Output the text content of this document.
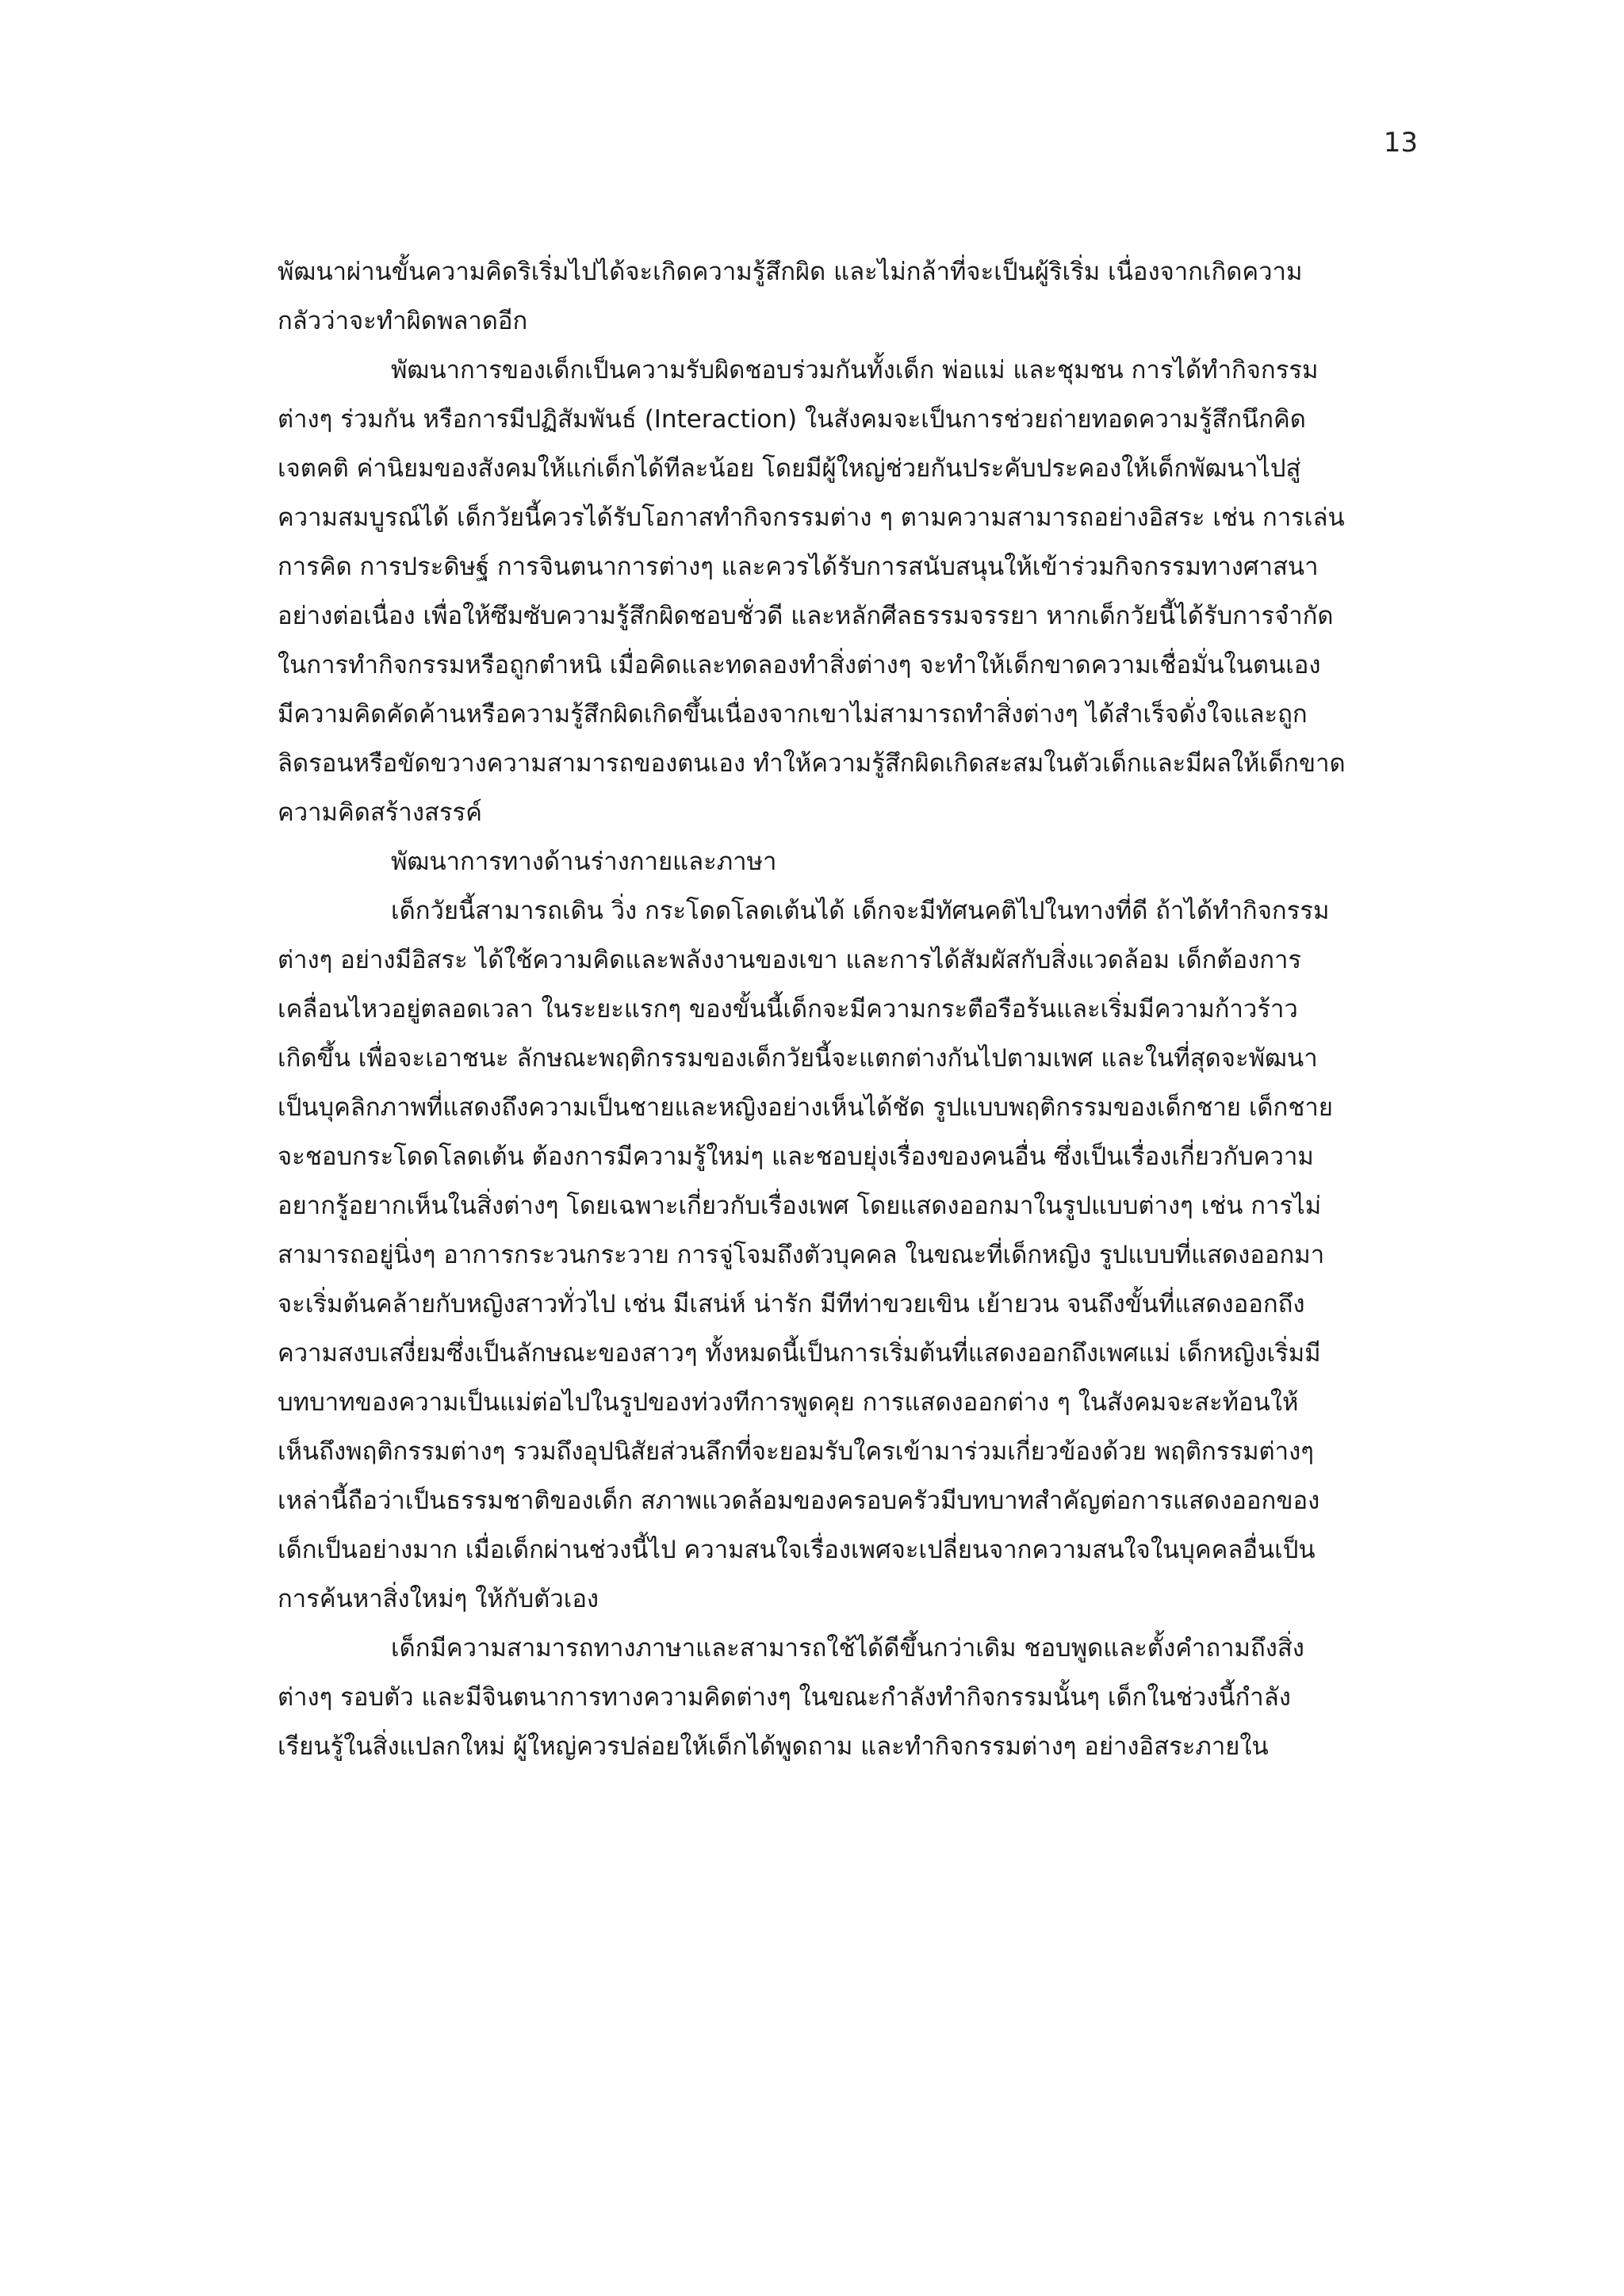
13
พัฒนาผ่านขั้นความคิดริเริ่มไปได้จะเกิดความรู้สึกผิด และไม่กล้าที่จะเป็นผู้ริเริ่ม เนื่องจากเกิดความ
กลัวว่าจะทำผิดพลาดอีก
พัฒนาการของเด็กเป็นความรับผิดชอบร่วมกันทั้งเด็ก พ่อแม่ และชุมชน การได้ทำกิจกรรม
ต่างๆ ร่วมกัน หรือการมีปฏิสัมพันธ์ (Interaction) ในสังคมจะเป็นการช่วยถ่ายทอดความรู้สึกนึกคิด
เจตคติ ค่านิยมของสังคมให้แก่เด็กได้ทีละน้อย โดยมีผู้ใหญ่ช่วยกันประคับประคองให้เด็กพัฒนาไปสู่
ความสมบูรณ์ได้ เด็กวัยนี้ควรได้รับโอกาสทำกิจกรรมต่าง ๆ ตามความสามารถอย่างอิสระ เช่น การเล่น
การคิด การประดิษฐ์ การจินตนาการต่างๆ และควรได้รับการสนับสนุนให้เข้าร่วมกิจกรรมทางศาสนา
อย่างต่อเนื่อง เพื่อให้ซึมซับความรู้สึกผิดชอบชั่วดี และหลักศีลธรรมจรรยา หากเด็กวัยนี้ได้รับการจำกัด
ในการทำกิจกรรมหรือถูกตำหนิ เมื่อคิดและทดลองทำสิ่งต่างๆ จะทำให้เด็กขาดความเชื่อมั่นในตนเอง
มีความคิดคัดค้านหรือความรู้สึกผิดเกิดขึ้นเนื่องจากเขาไม่สามารถทำสิ่งต่างๆ ได้สำเร็จดั่งใจและถูก
ลิดรอนหรือขัดขวางความสามารถของตนเอง ทำให้ความรู้สึกผิดเกิดสะสมในตัวเด็กและมีผลให้เด็กขาด
ความคิดสร้างสรรค์
พัฒนาการทางด้านร่างกายและภาษา
เด็กวัยนี้สามารถเดิน วิ่ง กระโดดโลดเต้นได้ เด็กจะมีทัศนคติไปในทางที่ดี ถ้าได้ทำกิจกรรม
ต่างๆ อย่างมีอิสระ ได้ใช้ความคิดและพลังงานของเขา และการได้สัมผัสกับสิ่งแวดล้อม เด็กต้องการ
เคลื่อนไหวอยู่ตลอดเวลา ในระยะแรกๆ ของขั้นนี้เด็กจะมีความกระตือรือร้นและเริ่มมีความก้าวร้าว
เกิดขึ้น เพื่อจะเอาชนะ ลักษณะพฤติกรรมของเด็กวัยนี้จะแตกต่างกันไปตามเพศ และในที่สุดจะพัฒนา
เป็นบุคลิกภาพที่แสดงถึงความเป็นชายและหญิงอย่างเห็นได้ชัด รูปแบบพฤติกรรมของเด็กชาย เด็กชาย
จะชอบกระโดดโลดเต้น ต้องการมีความรู้ใหม่ๆ และชอบยุ่งเรื่องของคนอื่น ซึ่งเป็นเรื่องเกี่ยวกับความ
อยากรู้อยากเห็นในสิ่งต่างๆ โดยเฉพาะเกี่ยวกับเรื่องเพศ โดยแสดงออกมาในรูปแบบต่างๆ เช่น การไม่
สามารถอยู่นิ่งๆ อาการกระวนกระวาย การจู่โจมถึงตัวบุคคล ในขณะที่เด็กหญิง รูปแบบที่แสดงออกมา
จะเริ่มต้นคล้ายกับหญิงสาวทั่วไป เช่น มีเสน่ห์ น่ารัก มีทีท่าขวยเขิน เย้ายวน จนถึงขั้นที่แสดงออกถึง
ความสงบเสงี่ยมซึ่งเป็นลักษณะของสาวๆ ทั้งหมดนี้เป็นการเริ่มต้นที่แสดงออกถึงเพศแม่ เด็กหญิงเริ่มมี
บทบาทของความเป็นแม่ต่อไปในรูปของท่วงทีการพูดคุย การแสดงออกต่าง ๆ ในสังคมจะสะท้อนให้
เห็นถึงพฤติกรรมต่างๆ รวมถึงอุปนิสัยส่วนลึกที่จะยอมรับใครเข้ามาร่วมเกี่ยวข้องด้วย พฤติกรรมต่างๆ
เหล่านี้ถือว่าเป็นธรรมชาติของเด็ก สภาพแวดล้อมของครอบครัวมีบทบาทสำคัญต่อการแสดงออกของ
เด็กเป็นอย่างมาก เมื่อเด็กผ่านช่วงนี้ไป ความสนใจเรื่องเพศจะเปลี่ยนจากความสนใจในบุคคลอื่นเป็น
การค้นหาสิ่งใหม่ๆ ให้กับตัวเอง
เด็กมีความสามารถทางภาษาและสามารถใช้ได้ดีขึ้นกว่าเดิม ชอบพูดและตั้งคำถามถึงสิ่ง
ต่างๆ รอบตัว และมีจินตนาการทางความคิดต่างๆ ในขณะกำลังทำกิจกรรมนั้นๆ เด็กในช่วงนี้กำลัง
เรียนรู้ในสิ่งแปลกใหม่ ผู้ใหญ่ควรปล่อยให้เด็กได้พูดถาม และทำกิจกรรมต่างๆ อย่างอิสระภายใน
